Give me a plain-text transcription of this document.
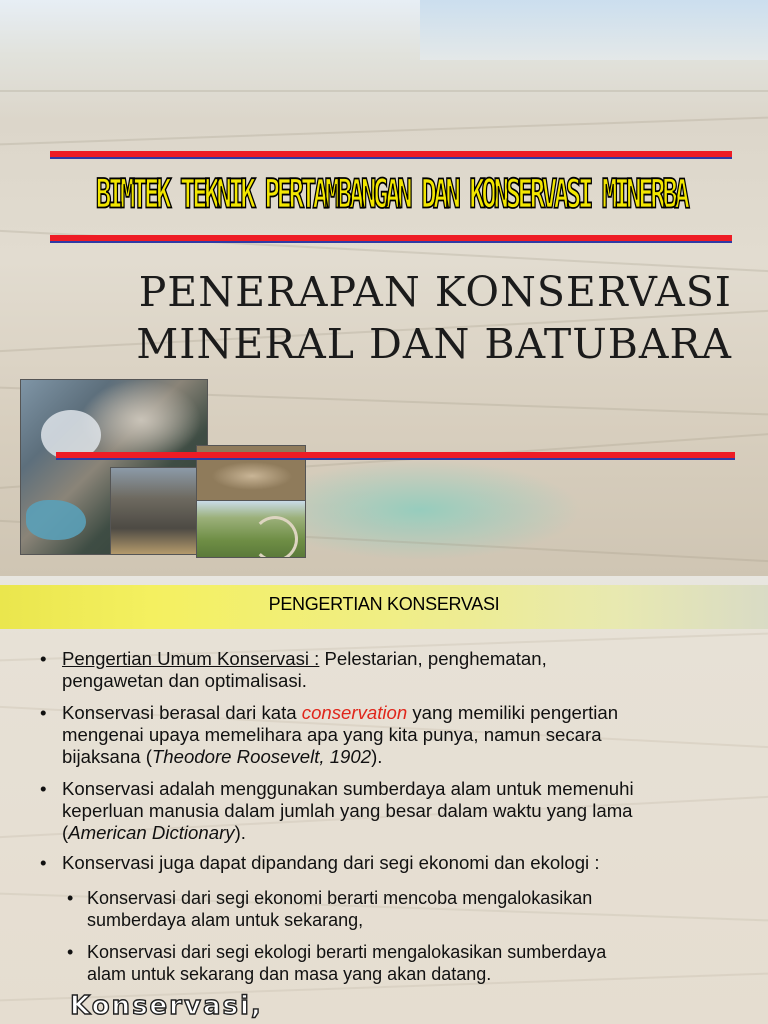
BIMTEK TEKNIK PERTAMBANGAN DAN KONSERVASI MINERBA
PENERAPAN KONSERVASI
MINERAL DAN BATUBARA
PENGERTIAN KONSERVASI
• Pengertian Umum Konservasi : Pelestarian, penghematan,
pengawetan dan optimalisasi.
• Konservasi berasal dari kata conservation yang memiliki pengertian
mengenai upaya memelihara apa yang kita punya, namun secara
bijaksana (Theodore Roosevelt, 1902).
• Konservasi adalah menggunakan sumberdaya alam untuk memenuhi
keperluan manusia dalam jumlah yang besar dalam waktu yang lama
(American Dictionary).
• Konservasi juga dapat dipandang dari segi ekonomi dan ekologi :
• Konservasi dari segi ekonomi berarti mencoba mengalokasikan
sumberdaya alam untuk sekarang,
• Konservasi dari segi ekologi berarti mengalokasikan sumberdaya
alam untuk sekarang dan masa yang akan datang.
Konservasi,
